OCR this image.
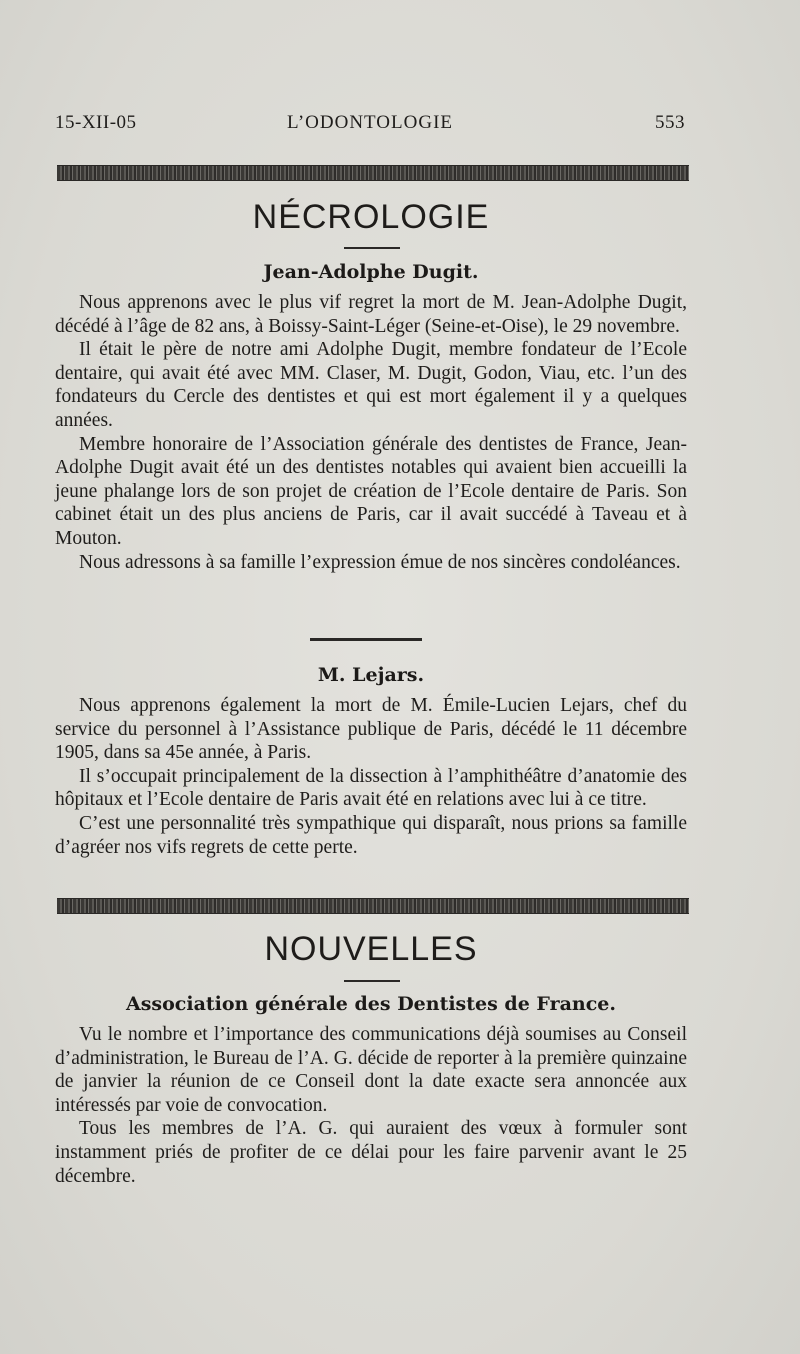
15-XII-05	L’ODONTOLOGIE	553
NÉCROLOGIE
Jean-Adolphe Dugit.

Nous apprenons avec le plus vif regret la mort de M. Jean-Adolphe Dugit, décédé à l’âge de 82 ans, à Boissy-Saint-Léger (Seine-et-Oise), le 29 novembre.

Il était le père de notre ami Adolphe Dugit, membre fondateur de l’Ecole dentaire, qui avait été avec MM. Claser, M. Dugit, Godon, Viau, etc. l’un des fondateurs du Cercle des dentistes et qui est mort également il y a quelques années.

Membre honoraire de l’Association générale des dentistes de France, Jean-Adolphe Dugit avait été un des dentistes notables qui avaient bien accueilli la jeune phalange lors de son projet de création de l’Ecole dentaire de Paris. Son cabinet était un des plus anciens de Paris, car il avait succédé à Taveau et à Mouton.

Nous adressons à sa famille l’expression émue de nos sincères condoléances.

M. Lejars.

Nous apprenons également la mort de M. Émile-Lucien Lejars, chef du service du personnel à l’Assistance publique de Paris, décédé le 11 décembre 1905, dans sa 45e année, à Paris.

Il s’occupait principalement de la dissection à l’amphithéâtre d’anatomie des hôpitaux et l’Ecole dentaire de Paris avait été en relations avec lui à ce titre.

C’est une personnalité très sympathique qui disparaît, nous prions sa famille d’agréer nos vifs regrets de cette perte.

NOUVELLES
Association générale des Dentistes de France.

Vu le nombre et l’importance des communications déjà soumises au Conseil d’administration, le Bureau de l’A. G. décide de reporter à la première quinzaine de janvier la réunion de ce Conseil dont la date exacte sera annoncée aux intéressés par voie de convocation.

Tous les membres de l’A. G. qui auraient des vœux à formuler sont instamment priés de profiter de ce délai pour les faire parvenir avant le 25 décembre.
